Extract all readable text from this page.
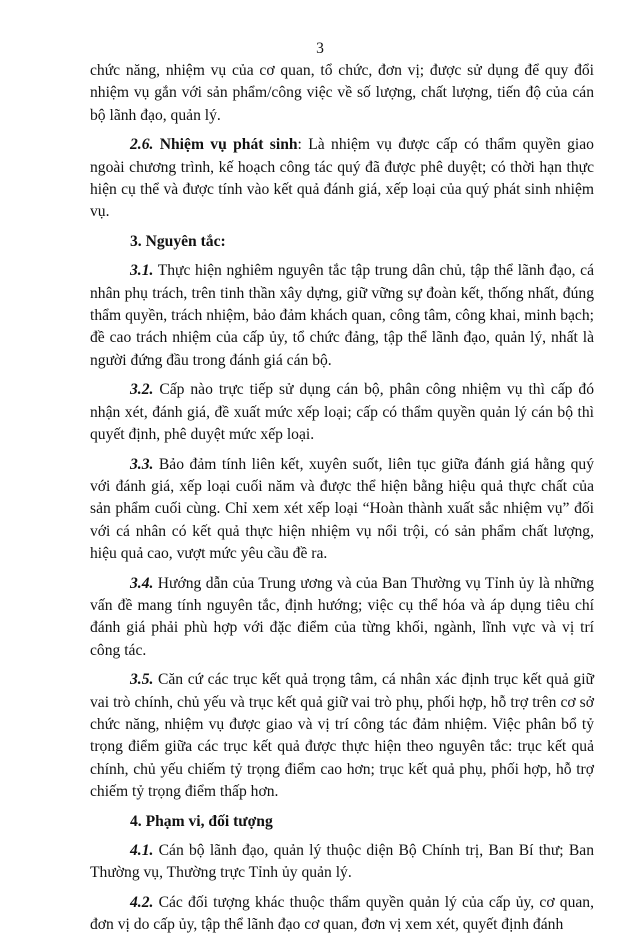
3

chức năng, nhiệm vụ của cơ quan, tổ chức, đơn vị; được sử dụng để quy đổi nhiệm vụ gắn với sản phẩm/công việc về số lượng, chất lượng, tiến độ của cán bộ lãnh đạo, quản lý.

2.6. Nhiệm vụ phát sinh: Là nhiệm vụ được cấp có thẩm quyền giao ngoài chương trình, kế hoạch công tác quý đã được phê duyệt; có thời hạn thực hiện cụ thể và được tính vào kết quả đánh giá, xếp loại của quý phát sinh nhiệm vụ.

3. Nguyên tắc:

3.1. Thực hiện nghiêm nguyên tắc tập trung dân chủ, tập thể lãnh đạo, cá nhân phụ trách, trên tinh thần xây dựng, giữ vững sự đoàn kết, thống nhất, đúng thẩm quyền, trách nhiệm, bảo đảm khách quan, công tâm, công khai, minh bạch; đề cao trách nhiệm của cấp ủy, tổ chức đảng, tập thể lãnh đạo, quản lý, nhất là người đứng đầu trong đánh giá cán bộ.

3.2. Cấp nào trực tiếp sử dụng cán bộ, phân công nhiệm vụ thì cấp đó nhận xét, đánh giá, đề xuất mức xếp loại; cấp có thẩm quyền quản lý cán bộ thì quyết định, phê duyệt mức xếp loại.

3.3. Bảo đảm tính liên kết, xuyên suốt, liên tục giữa đánh giá hằng quý với đánh giá, xếp loại cuối năm và được thể hiện bằng hiệu quả thực chất của sản phẩm cuối cùng. Chỉ xem xét xếp loại “Hoàn thành xuất sắc nhiệm vụ” đối với cá nhân có kết quả thực hiện nhiệm vụ nổi trội, có sản phẩm chất lượng, hiệu quả cao, vượt mức yêu cầu đề ra.

3.4. Hướng dẫn của Trung ương và của Ban Thường vụ Tỉnh ủy là những vấn đề mang tính nguyên tắc, định hướng; việc cụ thể hóa và áp dụng tiêu chí đánh giá phải phù hợp với đặc điểm của từng khối, ngành, lĩnh vực và vị trí công tác.

3.5. Căn cứ các trục kết quả trọng tâm, cá nhân xác định trục kết quả giữ vai trò chính, chủ yếu và trục kết quả giữ vai trò phụ, phối hợp, hỗ trợ trên cơ sở chức năng, nhiệm vụ được giao và vị trí công tác đảm nhiệm. Việc phân bổ tỷ trọng điểm giữa các trục kết quả được thực hiện theo nguyên tắc: trục kết quả chính, chủ yếu chiếm tỷ trọng điểm cao hơn; trục kết quả phụ, phối hợp, hỗ trợ chiếm tỷ trọng điểm thấp hơn.

4. Phạm vi, đối tượng

4.1. Cán bộ lãnh đạo, quản lý thuộc diện Bộ Chính trị, Ban Bí thư; Ban Thường vụ, Thường trực Tỉnh ủy quản lý.

4.2. Các đối tượng khác thuộc thẩm quyền quản lý của cấp ủy, cơ quan, đơn vị do cấp ủy, tập thể lãnh đạo cơ quan, đơn vị xem xét, quyết định đánh
